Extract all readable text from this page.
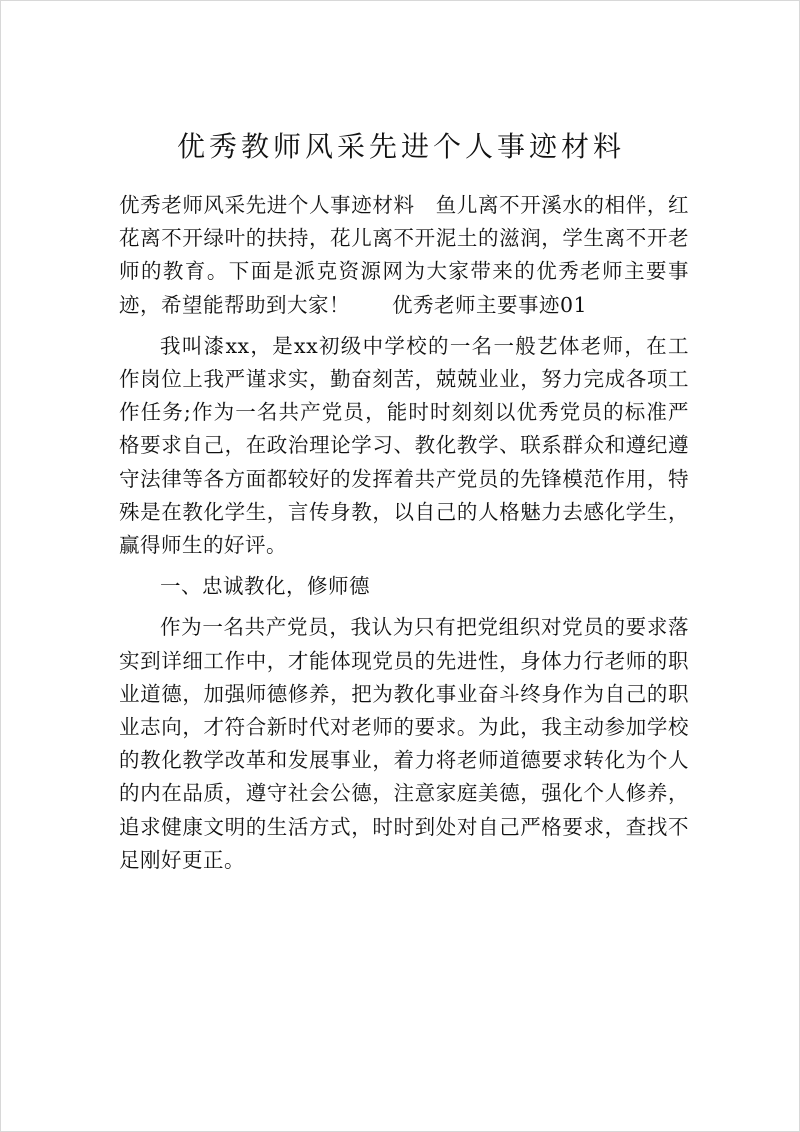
优秀教师风采先进个人事迹材料

优秀老师风采先进个人事迹材料　鱼儿离不开溪水的相伴，红花离不开绿叶的扶持，花儿离不开泥土的滋润，学生离不开老师的教育。下面是派克资源网为大家带来的优秀老师主要事迹，希望能帮助到大家！　　优秀老师主要事迹01

我叫漆xx，是xx初级中学校的一名一般艺体老师，在工作岗位上我严谨求实，勤奋刻苦，兢兢业业，努力完成各项工作任务;作为一名共产党员，能时时刻刻以优秀党员的标准严格要求自己，在政治理论学习、教化教学、联系群众和遵纪遵守法律等各方面都较好的发挥着共产党员的先锋模范作用，特殊是在教化学生，言传身教，以自己的人格魅力去感化学生，赢得师生的好评。

一、忠诚教化，修师德

作为一名共产党员，我认为只有把党组织对党员的要求落实到详细工作中，才能体现党员的先进性，身体力行老师的职业道德，加强师德修养，把为教化事业奋斗终身作为自己的职业志向，才符合新时代对老师的要求。为此，我主动参加学校的教化教学改革和发展事业，着力将老师道德要求转化为个人的内在品质，遵守社会公德，注意家庭美德，强化个人修养，追求健康文明的生活方式，时时到处对自己严格要求，查找不足刚好更正。
